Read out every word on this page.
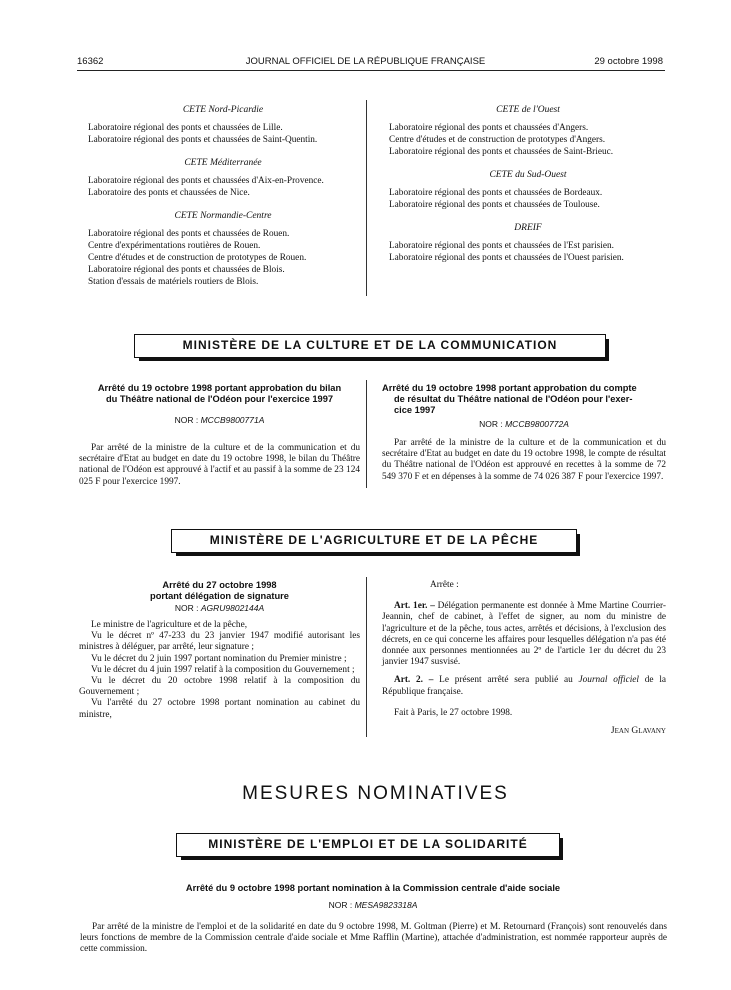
16362	JOURNAL OFFICIEL DE LA RÉPUBLIQUE FRANÇAISE	29 octobre 1998
CETE Nord-Picardie
Laboratoire régional des ponts et chaussées de Lille.
Laboratoire régional des ponts et chaussées de Saint-Quentin.
CETE Méditerranée
Laboratoire régional des ponts et chaussées d'Aix-en-Provence.
Laboratoire des ponts et chaussées de Nice.
CETE Normandie-Centre
Laboratoire régional des ponts et chaussées de Rouen.
Centre d'expérimentations routières de Rouen.
Centre d'études et de construction de prototypes de Rouen.
Laboratoire régional des ponts et chaussées de Blois.
Station d'essais de matériels routiers de Blois.
CETE de l'Ouest
Laboratoire régional des ponts et chaussées d'Angers.
Centre d'études et de construction de prototypes d'Angers.
Laboratoire régional des ponts et chaussées de Saint-Brieuc.
CETE du Sud-Ouest
Laboratoire régional des ponts et chaussées de Bordeaux.
Laboratoire régional des ponts et chaussées de Toulouse.
DREIF
Laboratoire régional des ponts et chaussées de l'Est parisien.
Laboratoire régional des ponts et chaussées de l'Ouest parisien.
MINISTÈRE DE LA CULTURE ET DE LA COMMUNICATION
Arrêté du 19 octobre 1998 portant approbation du bilan
du Théâtre national de l'Odéon pour l'exercice 1997
NOR : MCCB9800771A

Par arrêté de la ministre de la culture et de la communication et du secrétaire d'Etat au budget en date du 19 octobre 1998, le bilan du Théâtre national de l'Odéon est approuvé à l'actif et au passif à la somme de 23 124 025 F pour l'exercice 1997.

Arrêté du 19 octobre 1998 portant approbation du compte
de résultat du Théâtre national de l'Odéon pour l'exer-
cice 1997
NOR : MCCB9800772A

Par arrêté de la ministre de la culture et de la communication et du secrétaire d'Etat au budget en date du 19 octobre 1998, le compte de résultat du Théâtre national de l'Odéon est approuvé en recettes à la somme de 72 549 370 F et en dépenses à la somme de 74 026 387 F pour l'exercice 1997.

MINISTÈRE DE L'AGRICULTURE ET DE LA PÊCHE
Arrêté du 27 octobre 1998
portant délégation de signature
NOR : AGRU9802144A

Le ministre de l'agriculture et de la pêche,

Vu le décret nº 47-233 du 23 janvier 1947 modifié autorisant les ministres à déléguer, par arrêté, leur signature ;

Vu le décret du 2 juin 1997 portant nomination du Premier ministre ;

Vu le décret du 4 juin 1997 relatif à la composition du Gouvernement ;

Vu le décret du 20 octobre 1998 relatif à la composition du Gouvernement ;

Vu l'arrêté du 27 octobre 1998 portant nomination au cabinet du ministre,

Arrête :

Art. 1er. – Délégation permanente est donnée à Mme Martine Courrier-Jeannin, chef de cabinet, à l'effet de signer, au nom du ministre de l'agriculture et de la pêche, tous actes, arrêtés et décisions, à l'exclusion des décrets, en ce qui concerne les affaires pour lesquelles délégation n'a pas été donnée aux personnes mentionnées au 2º de l'article 1er du décret du 23 janvier 1947 susvisé.

Art. 2. – Le présent arrêté sera publié au Journal officiel de la République française.

Fait à Paris, le 27 octobre 1998.

Jean Glavany
MESURES NOMINATIVES
MINISTÈRE DE L'EMPLOI ET DE LA SOLIDARITÉ
Arrêté du 9 octobre 1998 portant nomination à la Commission centrale d'aide sociale
NOR : MESA9823318A

Par arrêté de la ministre de l'emploi et de la solidarité en date du 9 octobre 1998, M. Goltman (Pierre) et M. Retournard (François) sont renouvelés dans leurs fonctions de membre de la Commission centrale d'aide sociale et Mme Rafflin (Martine), attachée d'administration, est nommée rapporteur auprès de cette commission.
